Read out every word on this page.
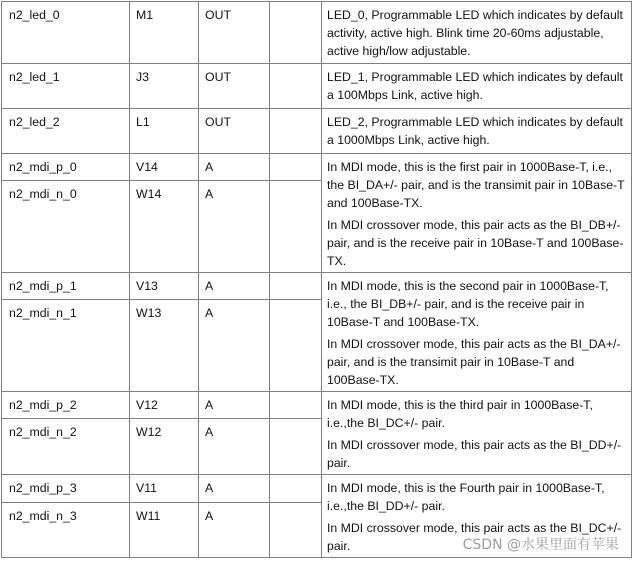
n2_led_0	M1	OUT		LED_0, Programmable LED which indicates by default activity, active high. Blink time 20-60ms adjustable, active high/low adjustable.

n2_led_1	J3	OUT		LED_1, Programmable LED which indicates by default a 100Mbps Link, active high.

n2_led_2	L1	OUT		LED_2, Programmable LED which indicates by default a 1000Mbps Link, active high.

n2_mdi_p_0	V14	A		In MDI mode, this is the first pair in 1000Base-T, i.e., the BI_DA+/- pair, and is the transimit pair in 10Base-T and 100Base-TX.

In MDI crossover mode, this pair acts as the BI_DB+/- pair, and is the receive pair in 10Base-T and 100Base-TX.

n2_mdi_n_0	W14	A		
n2_mdi_p_1	V13	A		In MDI mode, this is the second pair in 1000Base-T, i.e., the BI_DB+/- pair, and is the receive pair in 10Base-T and 100Base-TX.

In MDI crossover mode, this pair acts as the BI_DA+/- pair, and is the transimit pair in 10Base-T and 100Base-TX.

n2_mdi_n_1	W13	A		
n2_mdi_p_2	V12	A		In MDI mode, this is the third pair in 1000Base-T, i.e.,the BI_DC+/- pair.

In MDI crossover mode, this pair acts as the BI_DD+/- pair.

n2_mdi_n_2	W12	A		
n2_mdi_p_3	V11	A		In MDI mode, this is the Fourth pair in 1000Base-T, i.e.,the BI_DD+/- pair.

In MDI crossover mode, this pair acts as the BI_DC+/- pair.

n2_mdi_n_3	W11	A		
CSDN @水果里面有苹果
